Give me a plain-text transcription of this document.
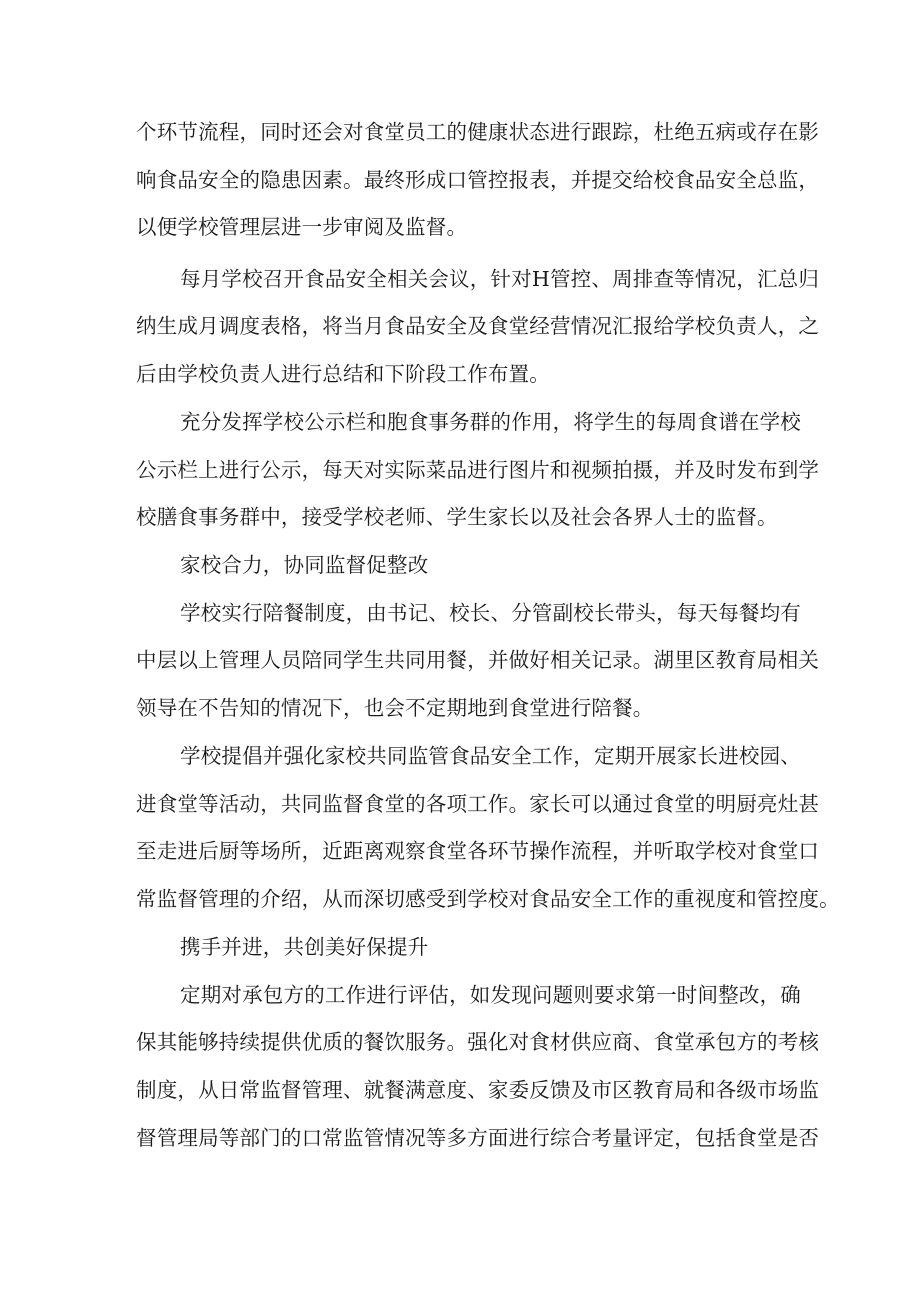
个环节流程，同时还会对食堂员工的健康状态进行跟踪，杜绝五病或存在影
响食品安全的隐患因素。最终形成口管控报表，并提交给校食品安全总监，
以便学校管理层进一步审阅及监督。
每月学校召开食品安全相关会议，针对H管控、周排查等情况，汇总归
纳生成月调度表格，将当月食品安全及食堂经营情况汇报给学校负责人，之
后由学校负责人进行总结和下阶段工作布置。
充分发挥学校公示栏和胞食事务群的作用，将学生的每周食谱在学校
公示栏上进行公示，每天对实际菜品进行图片和视频拍摄，并及时发布到学
校膳食事务群中，接受学校老师、学生家长以及社会各界人士的监督。
家校合力，协同监督促整改
学校实行陪餐制度，由书记、校长、分管副校长带头，每天每餐均有
中层以上管理人员陪同学生共同用餐，并做好相关记录。湖里区教育局相关
领导在不告知的情况下，也会不定期地到食堂进行陪餐。
学校提倡并强化家校共同监管食品安全工作，定期开展家长进校园、
进食堂等活动，共同监督食堂的各项工作。家长可以通过食堂的明厨亮灶甚
至走进后厨等场所，近距离观察食堂各环节操作流程，并听取学校对食堂口
常监督管理的介绍，从而深切感受到学校对食品安全工作的重视度和管控度。
携手并进，共创美好保提升
定期对承包方的工作进行评估，如发现问题则要求第一时间整改，确
保其能够持续提供优质的餐饮服务。强化对食材供应商、食堂承包方的考核
制度，从日常监督管理、就餐满意度、家委反馈及市区教育局和各级市场监
督管理局等部门的口常监管情况等多方面进行综合考量评定，包括食堂是否
